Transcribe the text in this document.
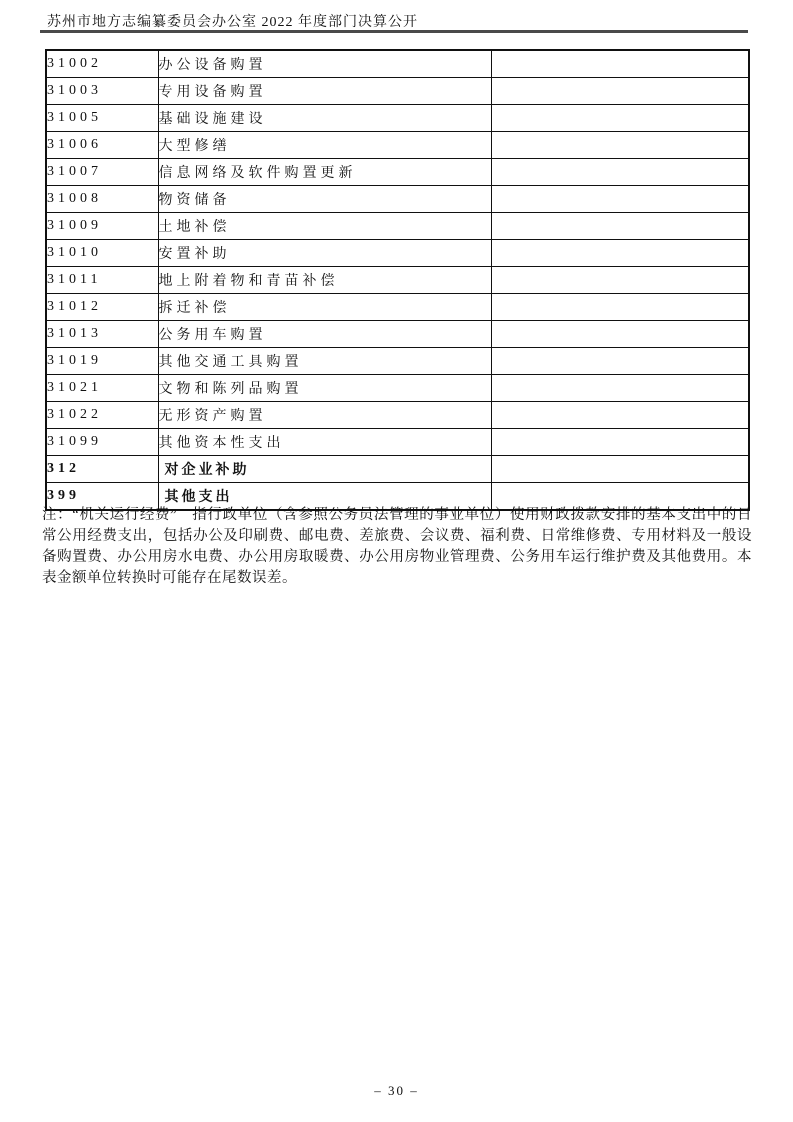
苏州市地方志编纂委员会办公室 2022 年度部门决算公开
31002	办公设备购置	
31003	专用设备购置	
31005	基础设施建设	
31006	大型修缮	
31007	信息网络及软件购置更新	
31008	物资储备	
31009	土地补偿	
31010	安置补助	
31011	地上附着物和青苗补偿	
31012	拆迁补偿	
31013	公务用车购置	
31019	其他交通工具购置	
31021	文物和陈列品购置	
31022	无形资产购置	
31099	其他资本性支出	
312	对企业补助	
399	其他支出	

注：“机关运行经费”　指行政单位（含参照公务员法管理的事业单位）使用财政拨款安排的基本支出中的日常公用经费支出，包括办公及印刷费、邮电费、差旅费、会议费、福利费、日常维修费、专用材料及一般设备购置费、办公用房水电费、办公用房取暖费、办公用房物业管理费、公务用车运行维护费及其他费用。本表金额单位转换时可能存在尾数误差。

– 30 –
